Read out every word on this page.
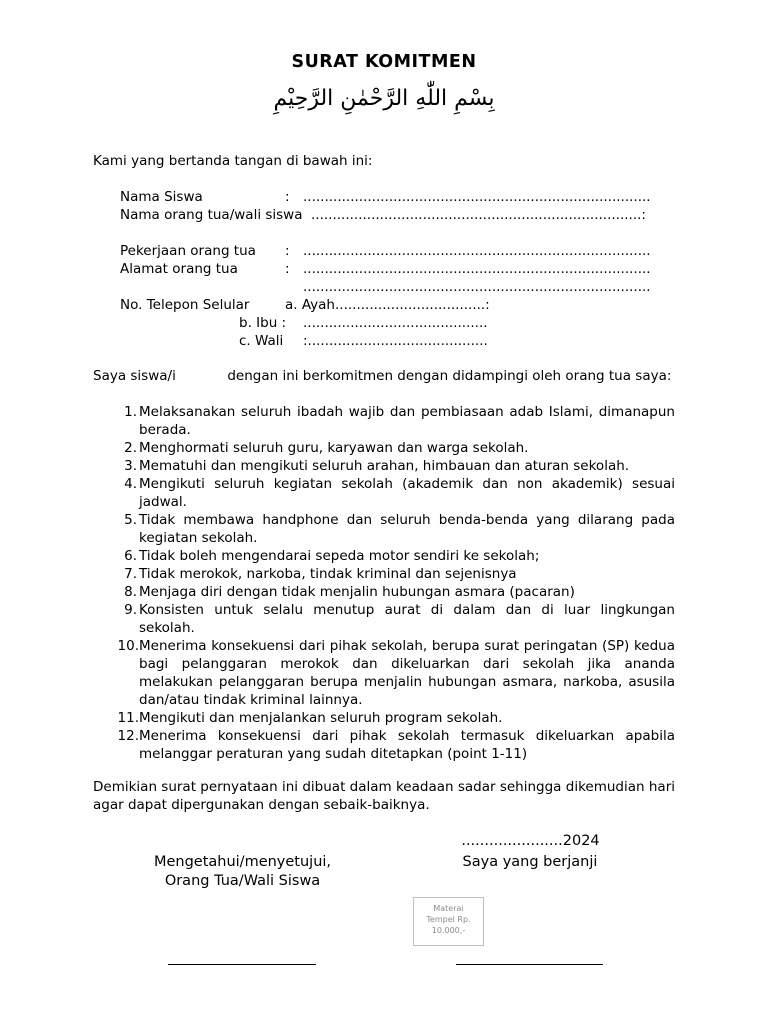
SURAT KOMITMEN
بِسْمِ اللّٰهِ الرَّحْمٰنِ الرَّحِيْمِ
Kami yang bertanda tangan di bawah ini:
Nama Siswa	: .................................................................................
Nama orang tua/wali siswa .............................................................................:
Pekerjaan orang tua : .................................................................................
Alamat orang tua	: .................................................................................
.................................................................................
No. Telepon Selular	a. Ayah...................................:
b. Ibu : ...........................................
c. Wali :..........................................
Saya siswa/i            dengan ini berkomitmen dengan didampingi oleh orang tua saya:
1. Melaksanakan seluruh ibadah wajib dan pembiasaan adab Islami, dimanapun berada.
2. Menghormati seluruh guru, karyawan dan warga sekolah.
3. Mematuhi dan mengikuti seluruh arahan, himbauan dan aturan sekolah.
4. Mengikuti seluruh kegiatan sekolah (akademik dan non akademik) sesuai jadwal.
5. Tidak membawa handphone dan seluruh benda-benda yang dilarang pada kegiatan sekolah.
6. Tidak boleh mengendarai sepeda motor sendiri ke sekolah;
7. Tidak merokok, narkoba, tindak kriminal dan sejenisnya
8. Menjaga diri dengan tidak menjalin hubungan asmara (pacaran)
9. Konsisten untuk selalu menutup aurat di dalam dan di luar lingkungan sekolah.
10. Menerima konsekuensi dari pihak sekolah, berupa surat peringatan (SP) kedua bagi pelanggaran merokok dan dikeluarkan dari sekolah jika ananda melakukan pelanggaran berupa menjalin hubungan asmara, narkoba, asusila dan/atau tindak kriminal lainnya.
11. Mengikuti dan menjalankan seluruh program sekolah.
12. Menerima konsekuensi dari pihak sekolah termasuk dikeluarkan apabila melanggar peraturan yang sudah ditetapkan (point 1-11)
Demikian surat pernyataan ini dibuat dalam keadaan sadar sehingga dikemudian hari agar dapat dipergunakan dengan sebaik-baiknya.
......................2024
Mengetahui/menyetujui,
Orang Tua/Wali Siswa
Saya yang berjanji
Materai
Tempel Rp.
10.000,-
